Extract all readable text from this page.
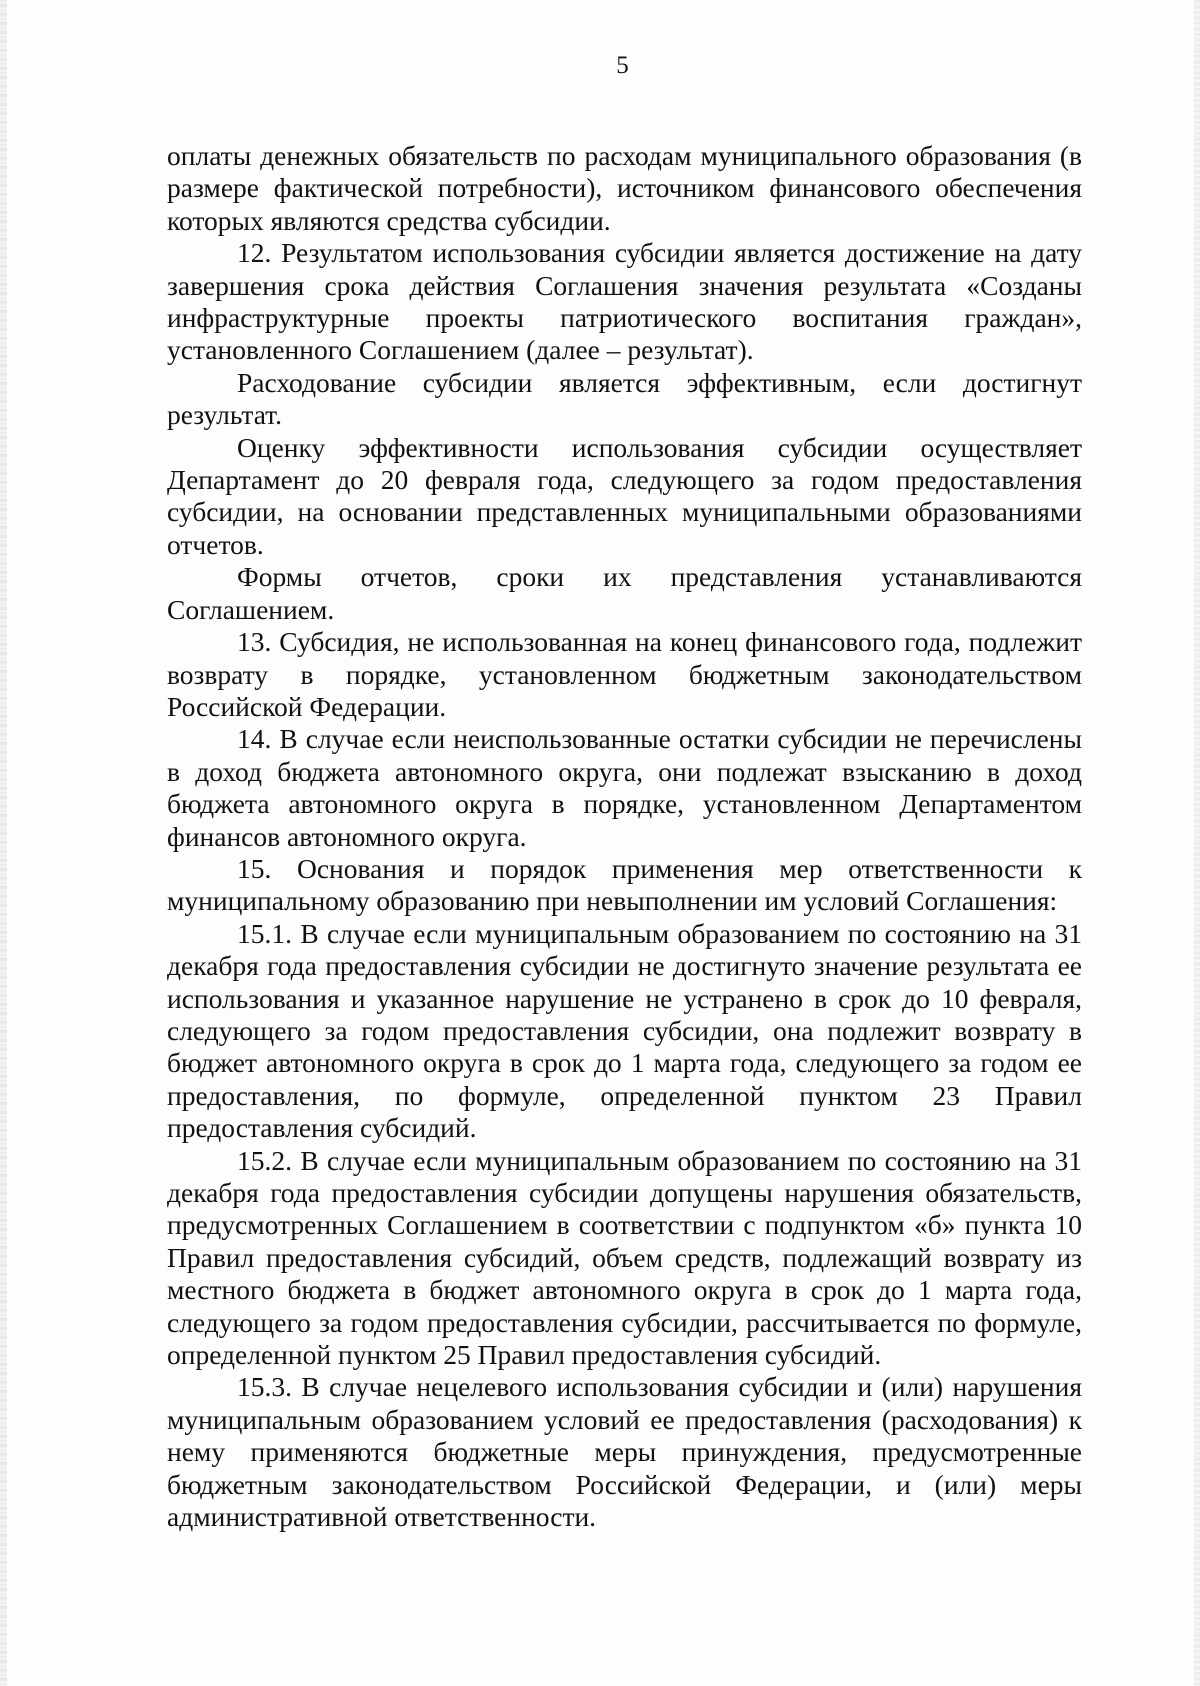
5

оплаты денежных обязательств по расходам муниципального образования (в размере фактической потребности), источником финансового обеспечения которых являются средства субсидии.

12. Результатом использования субсидии является достижение на дату завершения срока действия Соглашения значения результата «Созданы инфраструктурные проекты патриотического воспитания граждан», установленного Соглашением (далее – результат).

Расходование субсидии является эффективным, если достигнут результат.

Оценку эффективности использования субсидии осуществляет Департамент до 20 февраля года, следующего за годом предоставления субсидии, на основании представленных муниципальными образованиями отчетов.

Формы отчетов, сроки их представления устанавливаются Соглашением.

13. Субсидия, не использованная на конец финансового года, подлежит возврату в порядке, установленном бюджетным законодательством Российской Федерации.

14. В случае если неиспользованные остатки субсидии не перечислены в доход бюджета автономного округа, они подлежат взысканию в доход бюджета автономного округа в порядке, установленном Департаментом финансов автономного округа.

15. Основания и порядок применения мер ответственности к муниципальному образованию при невыполнении им условий Соглашения:

15.1. В случае если муниципальным образованием по состоянию на 31 декабря года предоставления субсидии не достигнуто значение результата ее использования и указанное нарушение не устранено в срок до 10 февраля, следующего за годом предоставления субсидии, она подлежит возврату в бюджет автономного округа в срок до 1 марта года, следующего за годом ее предоставления, по формуле, определенной пунктом 23 Правил предоставления субсидий.

15.2. В случае если муниципальным образованием по состоянию на 31 декабря года предоставления субсидии допущены нарушения обязательств, предусмотренных Соглашением в соответствии с подпунктом «б» пункта 10 Правил предоставления субсидий, объем средств, подлежащий возврату из местного бюджета в бюджет автономного округа в срок до 1 марта года, следующего за годом предоставления субсидии, рассчитывается по формуле, определенной пунктом 25 Правил предоставления субсидий.

15.3. В случае нецелевого использования субсидии и (или) нарушения муниципальным образованием условий ее предоставления (расходования) к нему применяются бюджетные меры принуждения, предусмотренные бюджетным законодательством Российской Федерации, и (или) меры административной ответственности.
